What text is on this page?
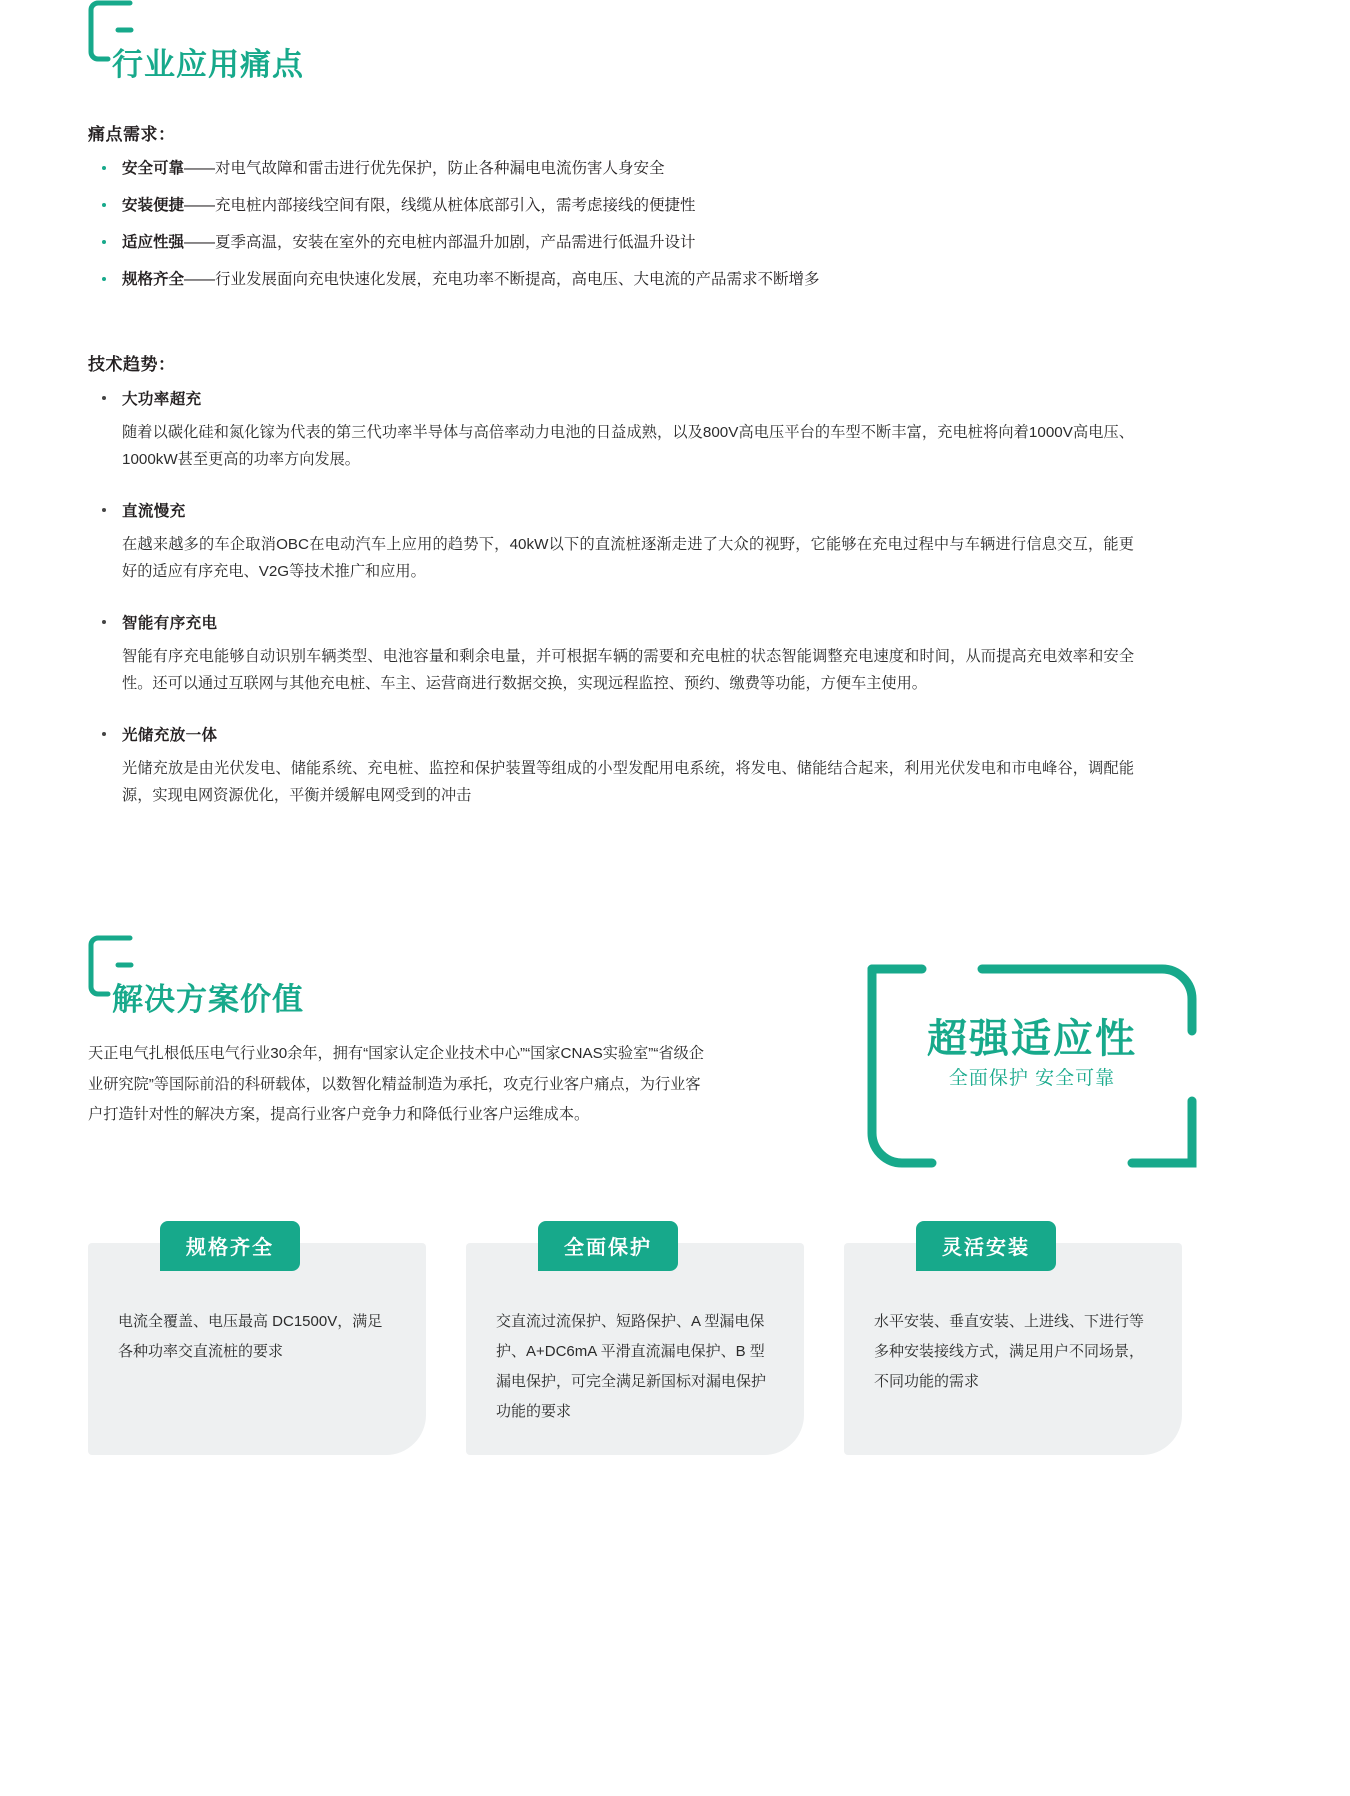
行业应用痛点
痛点需求：
安全可靠——对电气故障和雷击进行优先保护，防止各种漏电电流伤害人身安全
安装便捷——充电桩内部接线空间有限，线缆从桩体底部引入，需考虑接线的便捷性
适应性强——夏季高温，安装在室外的充电桩内部温升加剧，产品需进行低温升设计
规格齐全——行业发展面向充电快速化发展，充电功率不断提高，高电压、大电流的产品需求不断增多
技术趋势：
大功率超充
随着以碳化硅和氮化镓为代表的第三代功率半导体与高倍率动力电池的日益成熟，以及800V高电压平台的车型不断丰富，充电桩将向着1000V高电压、1000kW甚至更高的功率方向发展。
直流慢充
在越来越多的车企取消OBC在电动汽车上应用的趋势下，40kW以下的直流桩逐渐走进了大众的视野，它能够在充电过程中与车辆进行信息交互，能更好的适应有序充电、V2G等技术推广和应用。
智能有序充电
智能有序充电能够自动识别车辆类型、电池容量和剩余电量，并可根据车辆的需要和充电桩的状态智能调整充电速度和时间，从而提高充电效率和安全性。还可以通过互联网与其他充电桩、车主、运营商进行数据交换，实现远程监控、预约、缴费等功能，方便车主使用。
光储充放一体
光储充放是由光伏发电、储能系统、充电桩、监控和保护装置等组成的小型发配用电系统，将发电、储能结合起来，利用光伏发电和市电峰谷，调配能源，实现电网资源优化，平衡并缓解电网受到的冲击
解决方案价值
天正电气扎根低压电气行业30余年，拥有“国家认定企业技术中心”“国家CNAS实验室”“省级企业研究院”等国际前沿的科研载体，以数智化精益制造为承托，攻克行业客户痛点，为行业客户打造针对性的解决方案，提高行业客户竞争力和降低行业客户运维成本。
超强适应性
全面保护 安全可靠
规格齐全
电流全覆盖、电压最高 DC1500V，满足各种功率交直流桩的要求
全面保护
交直流过流保护、短路保护、A 型漏电保护、A+DC6mA 平滑直流漏电保护、B 型漏电保护，可完全满足新国标对漏电保护功能的要求
灵活安装
水平安装、垂直安装、上进线、下进行等多种安装接线方式，满足用户不同场景，不同功能的需求
